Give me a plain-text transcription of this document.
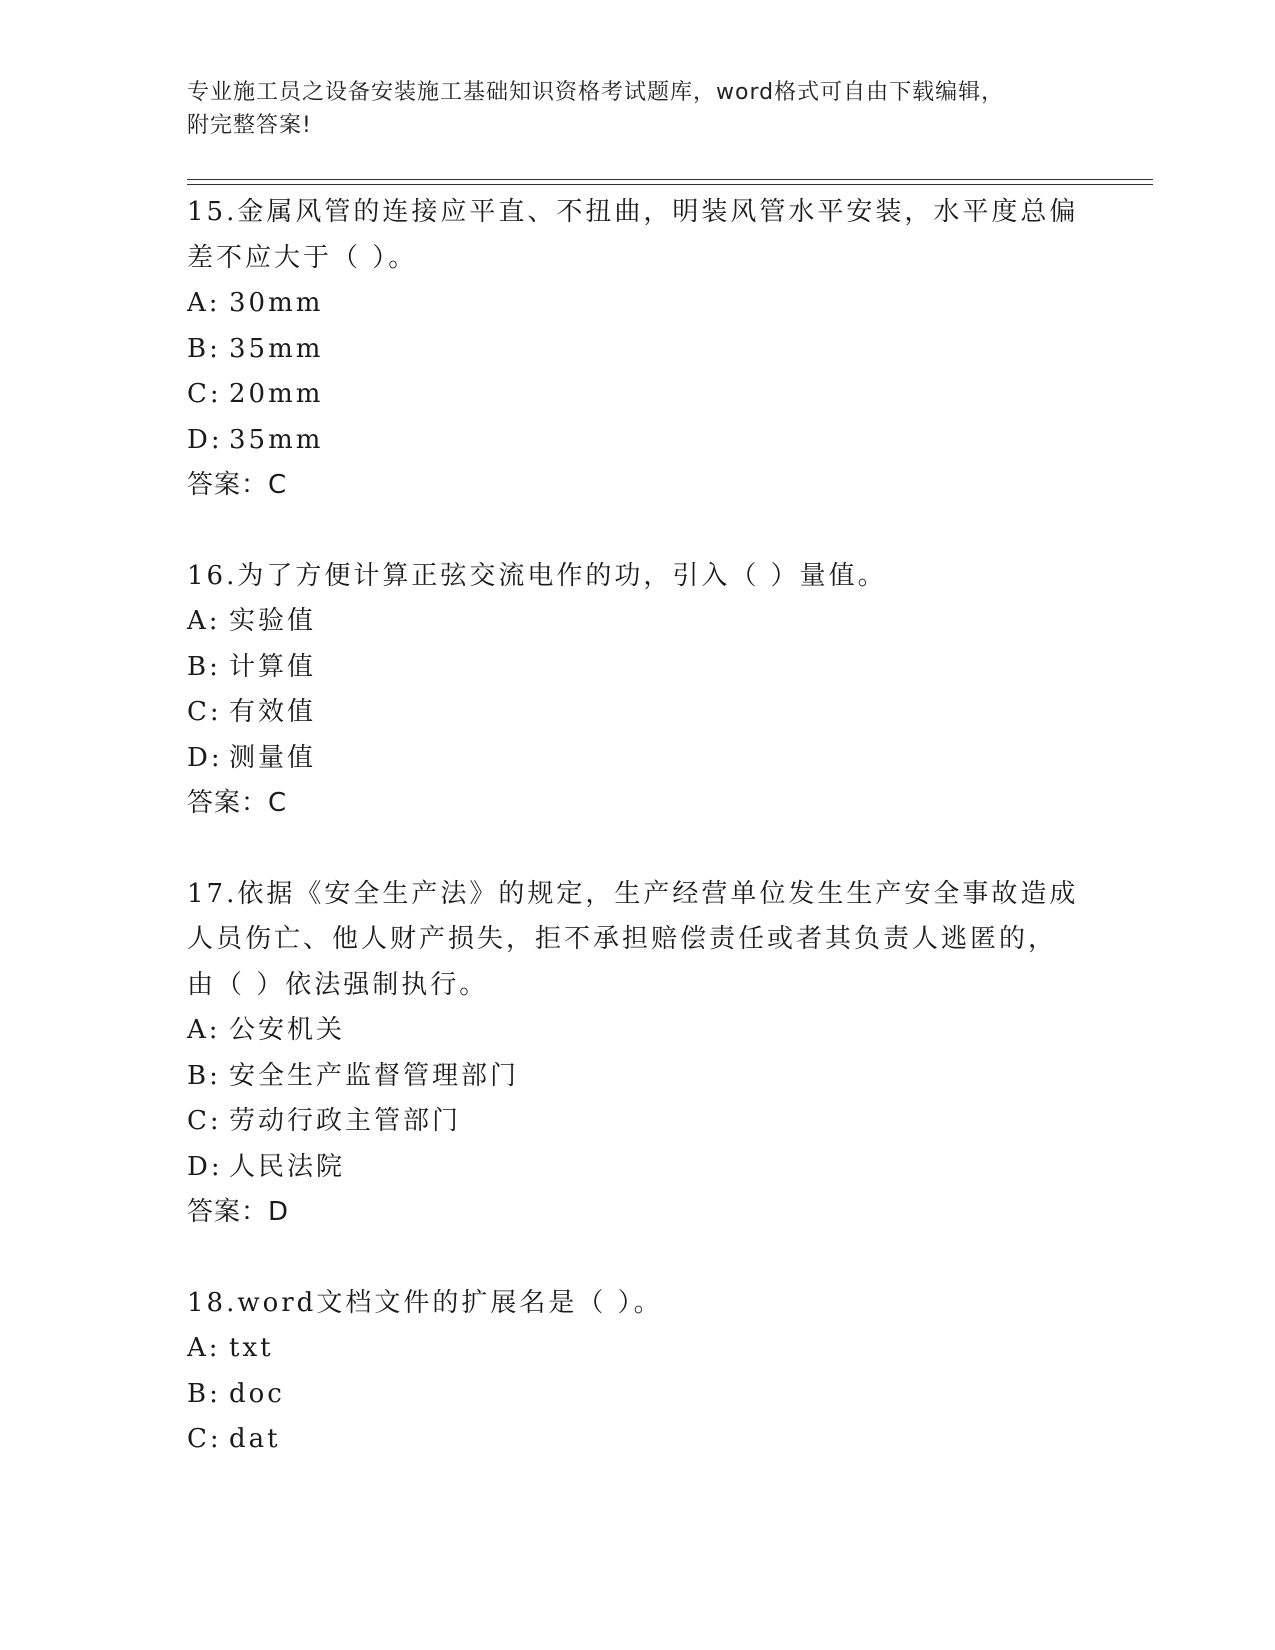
专业施工员之设备安装施工基础知识资格考试题库，word格式可自由下载编辑，
附完整答案!
15.金属风管的连接应平直、不扭曲，明装风管水平安装，水平度总偏
差不应大于（ ）。
A: 30mm
B: 35mm
C: 20mm
D: 35mm
答案：C
16.为了方便计算正弦交流电作的功，引入（ ）量值。
A: 实验值
B: 计算值
C: 有效值
D: 测量值
答案：C
17.依据《安全生产法》的规定，生产经营单位发生生产安全事故造成
人员伤亡、他人财产损失，拒不承担赔偿责任或者其负责人逃匿的，
由（ ）依法强制执行。
A: 公安机关
B: 安全生产监督管理部门
C: 劳动行政主管部门
D: 人民法院
答案：D
18.word文档文件的扩展名是（ ）。
A: txt
B: doc
C: dat
